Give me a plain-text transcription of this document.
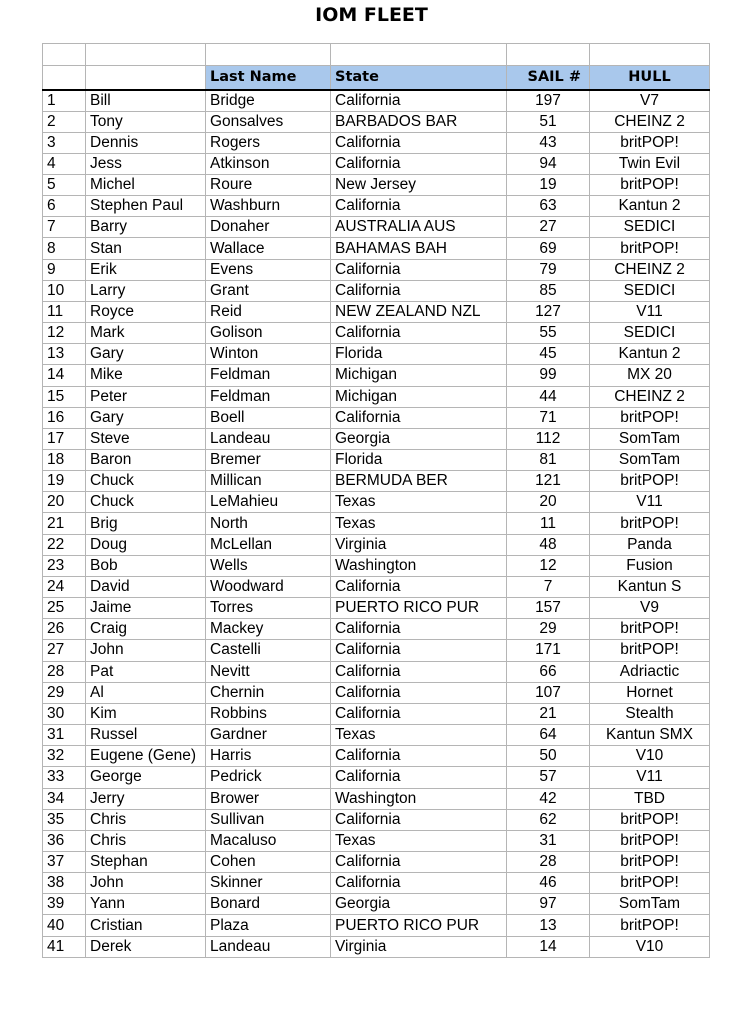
IOM FLEET

		Last Name	State	SAIL #	HULL
1	Bill	Bridge	California	197	V7
2	Tony	Gonsalves	BARBADOS BAR	51	CHEINZ 2
3	Dennis	Rogers	California	43	britPOP!
4	Jess	Atkinson	California	94	Twin Evil
5	Michel	Roure	New Jersey	19	britPOP!
6	Stephen Paul	Washburn	California	63	Kantun 2
7	Barry	Donaher	AUSTRALIA AUS	27	SEDICI
8	Stan	Wallace	BAHAMAS BAH	69	britPOP!
9	Erik	Evens	California	79	CHEINZ 2
10	Larry	Grant	California	85	SEDICI
11	Royce	Reid	NEW ZEALAND NZL	127	V11
12	Mark	Golison	California	55	SEDICI
13	Gary	Winton	Florida	45	Kantun 2
14	Mike	Feldman	Michigan	99	MX 20
15	Peter	Feldman	Michigan	44	CHEINZ 2
16	Gary	Boell	California	71	britPOP!
17	Steve	Landeau	Georgia	112	SomTam
18	Baron	Bremer	Florida	81	SomTam
19	Chuck	Millican	BERMUDA BER	121	britPOP!
20	Chuck	LeMahieu	Texas	20	V11
21	Brig	North	Texas	11	britPOP!
22	Doug	McLellan	Virginia	48	Panda
23	Bob	Wells	Washington	12	Fusion
24	David	Woodward	California	7	Kantun S
25	Jaime	Torres	PUERTO RICO PUR	157	V9
26	Craig	Mackey	California	29	britPOP!
27	John	Castelli	California	171	britPOP!
28	Pat	Nevitt	California	66	Adriactic
29	Al	Chernin	California	107	Hornet
30	Kim	Robbins	California	21	Stealth
31	Russel	Gardner	Texas	64	Kantun SMX
32	Eugene (Gene)	Harris	California	50	V10
33	George	Pedrick	California	57	V11
34	Jerry	Brower	Washington	42	TBD
35	Chris	Sullivan	California	62	britPOP!
36	Chris	Macaluso	Texas	31	britPOP!
37	Stephan	Cohen	California	28	britPOP!
38	John	Skinner	California	46	britPOP!
39	Yann	Bonard	Georgia	97	SomTam
40	Cristian	Plaza	PUERTO RICO PUR	13	britPOP!
41	Derek	Landeau	Virginia	14	V10
